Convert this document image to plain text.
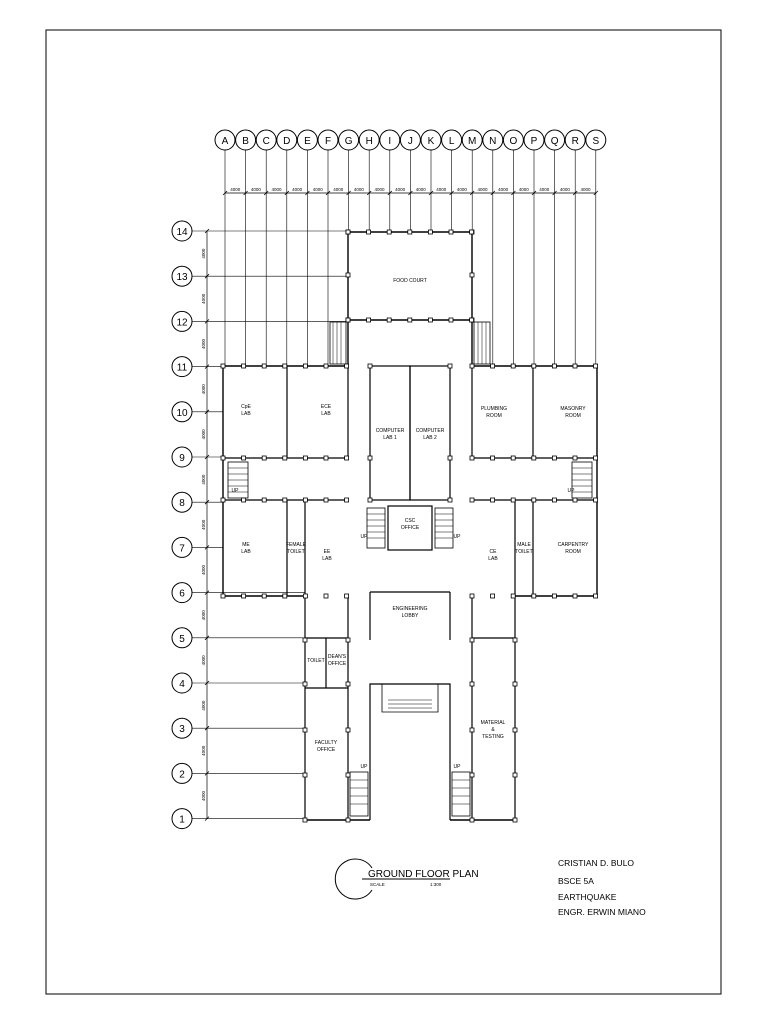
A
4000
B
4000
C
4000
D
4000
E
4000
F
4000
G
4000
H
4000
I
4000
J
4000
K
4000
L
4000
M
4000
N
4000
O
4000
P
4000
Q
4000
R
4000
S
14
4000
13
4000
12
4000
11
4000
10
4000
9
4000
8
4000
7
4000
6
4000
5
4000
4
4000
3
4000
2
4000
1
FOOD COURT
CpE
LAB
ECE
LAB
COMPUTER
LAB 1
COMPUTER
LAB 2
PLUMBING
ROOM
MASONRY
ROOM
ME
LAB
FEMALE
TOILET	EE
LAB
CSC
OFFICE
CE
LAB
MALE
TOILET
CARPENTRY
ROOM
ENGINEERING
LOBBY
TOILET
DEAN'S
OFFICE
FACULTY
OFFICE
MATERIAL
&
TESTING
UP	UP
UP	UP
UP	UP
GROUND FLOOR PLAN
SCALE	1:300
CRISTIAN D. BULO
BSCE 5A
EARTHQUAKE
ENGR. ERWIN MIANO
